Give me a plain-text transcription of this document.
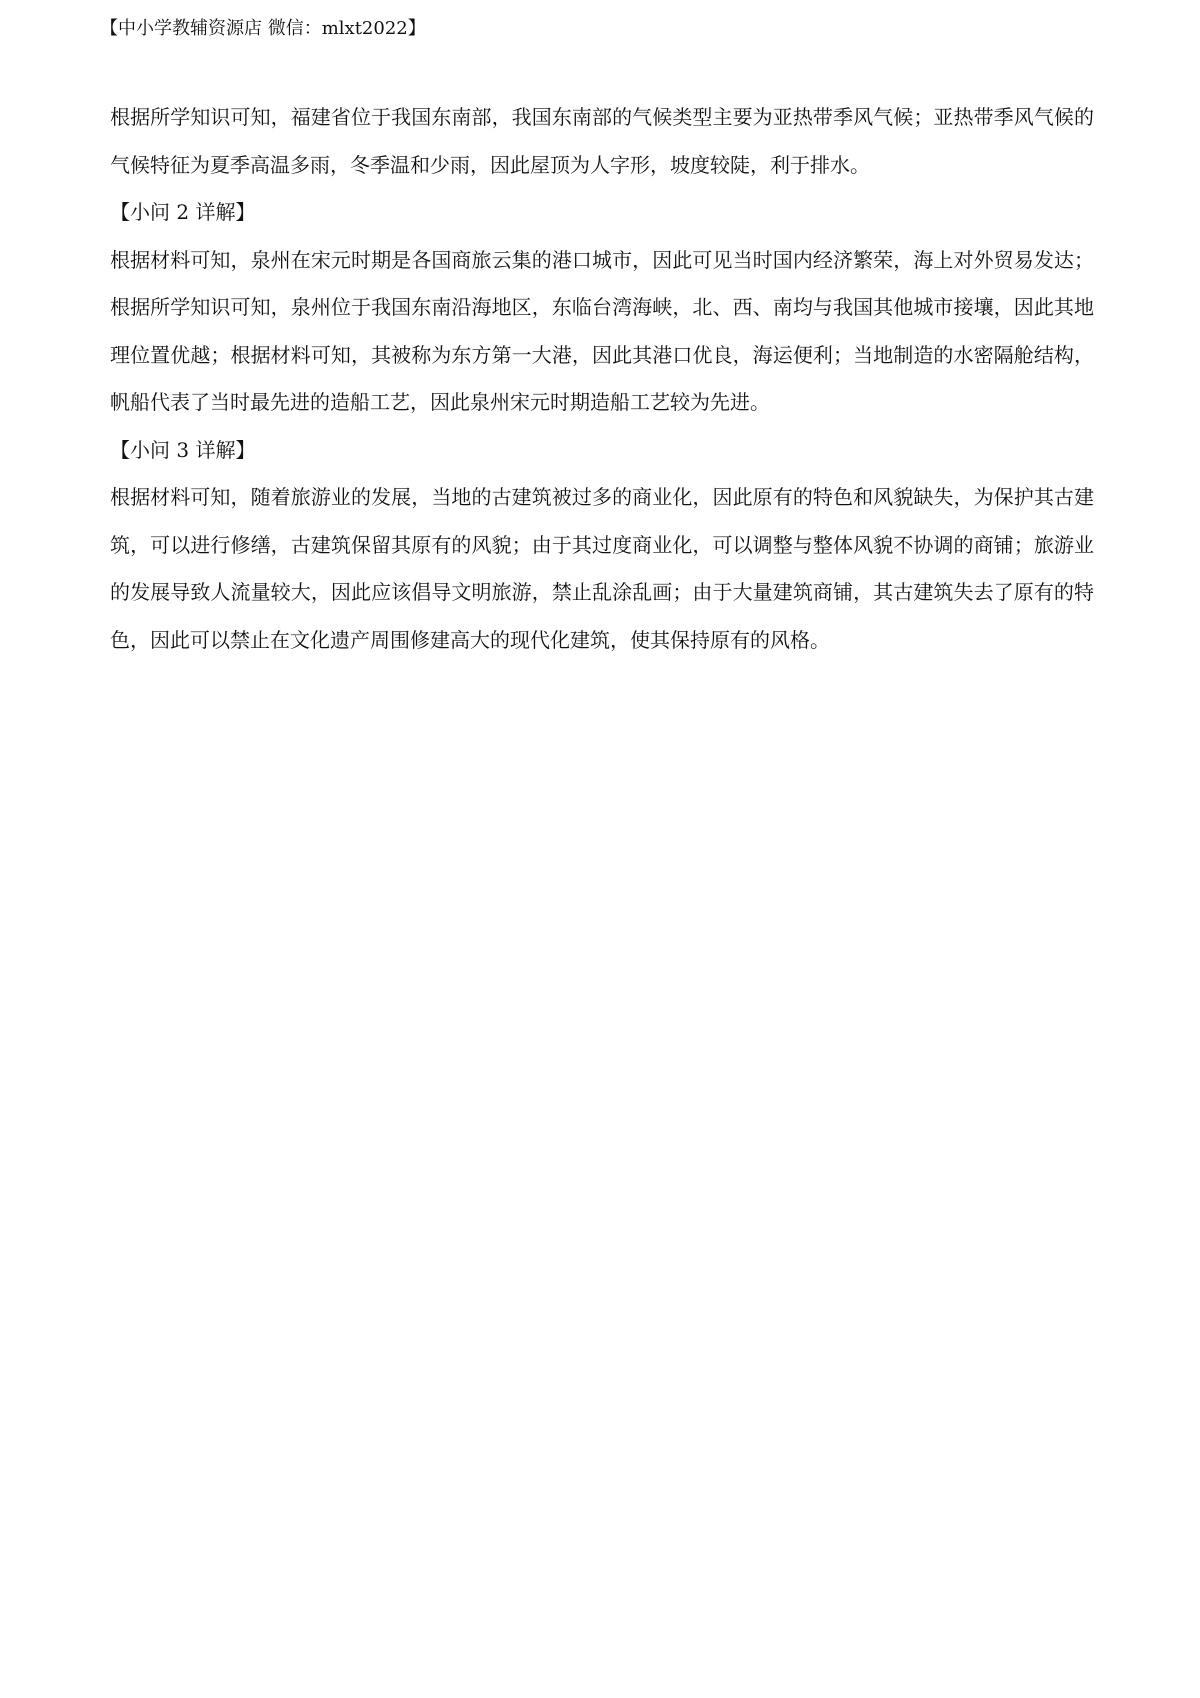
【中小学教辅资源店 微信：mlxt2022】

根据所学知识可知，福建省位于我国东南部，我国东南部的气候类型主要为亚热带季风气候；亚热带季风气候的气候特征为夏季高温多雨，冬季温和少雨，因此屋顶为人字形，坡度较陡，利于排水。

【小问 2 详解】

根据材料可知，泉州在宋元时期是各国商旅云集的港口城市，因此可见当时国内经济繁荣，海上对外贸易发达；根据所学知识可知，泉州位于我国东南沿海地区，东临台湾海峡，北、西、南均与我国其他城市接壤，因此其地理位置优越；根据材料可知，其被称为东方第一大港，因此其港口优良，海运便利；当地制造的水密隔舱结构，帆船代表了当时最先进的造船工艺，因此泉州宋元时期造船工艺较为先进。

【小问 3 详解】

根据材料可知，随着旅游业的发展，当地的古建筑被过多的商业化，因此原有的特色和风貌缺失，为保护其古建筑，可以进行修缮，古建筑保留其原有的风貌；由于其过度商业化，可以调整与整体风貌不协调的商铺；旅游业的发展导致人流量较大，因此应该倡导文明旅游，禁止乱涂乱画；由于大量建筑商铺，其古建筑失去了原有的特色，因此可以禁止在文化遗产周围修建高大的现代化建筑，使其保持原有的风格。
